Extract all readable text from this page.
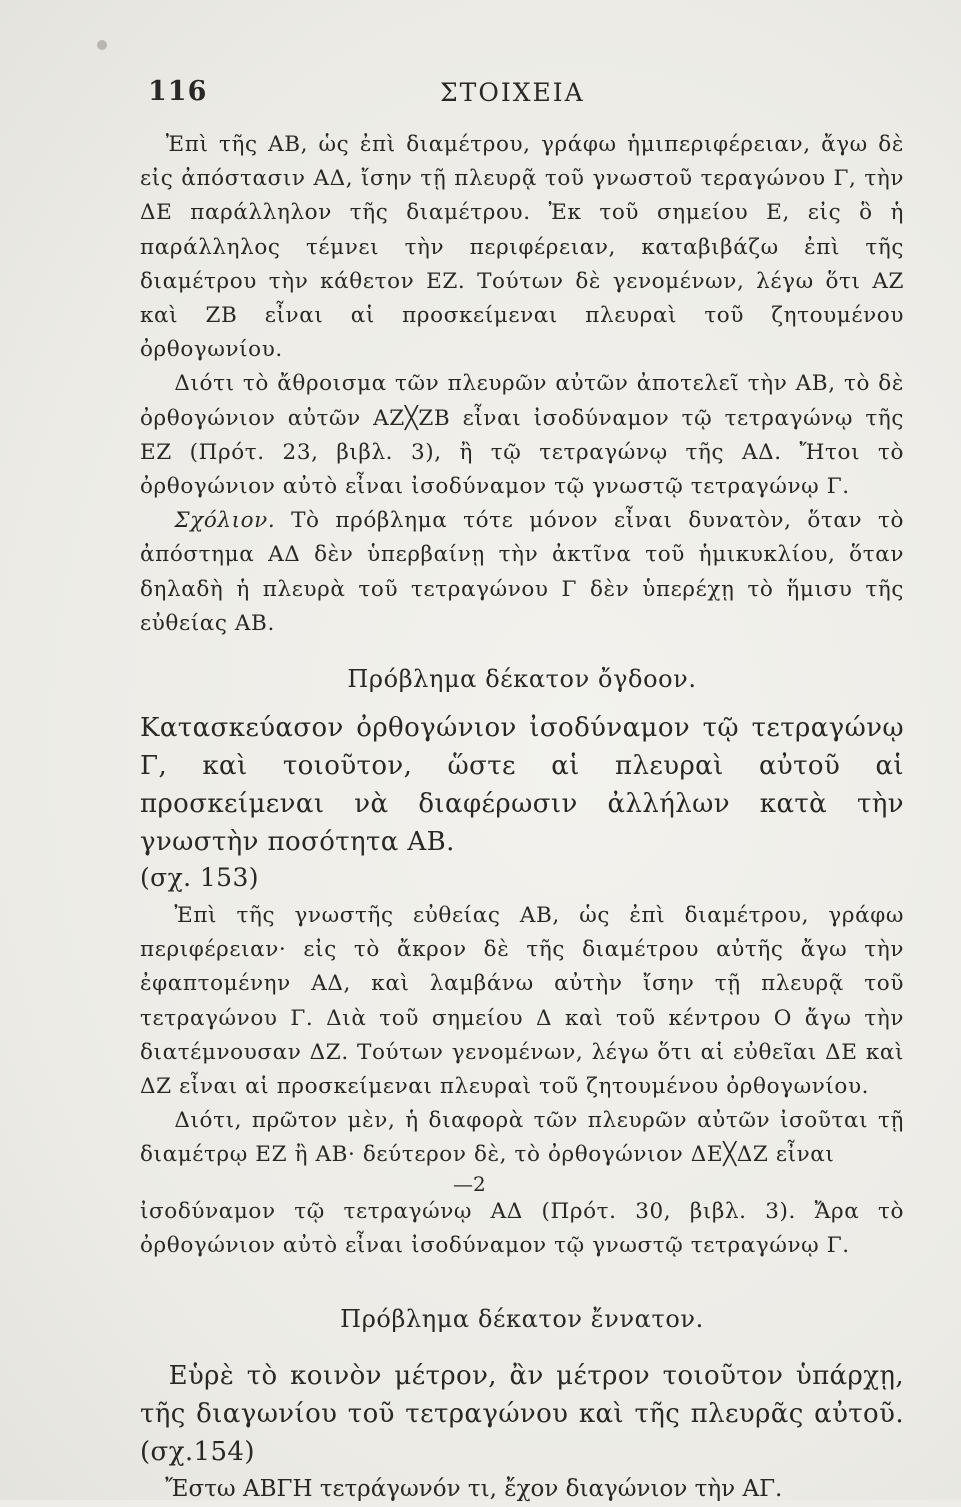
116	ΣΤΟΙΧΕΙΑ

Ἐπὶ τῆς ΑΒ, ὡς ἐπὶ διαμέτρου, γράφω ἡμιπεριφέρειαν, ἄγω δὲ εἰς ἀπόστασιν ΑΔ, ἴσην τῇ πλευρᾷ τοῦ γνωστοῦ τεραγώνου Γ, τὴν ΔΕ παράλληλον τῆς διαμέτρου. Ἐκ τοῦ σημείου Ε, εἰς ὃ ἡ παράλληλος τέμνει τὴν περιφέρειαν, καταβιβάζω ἐπὶ τῆς διαμέτρου τὴν κάθετον ΕΖ. Τούτων δὲ γενομένων, λέγω ὅτι ΑΖ καὶ ΖΒ εἶναι αἱ προσκείμεναι πλευραὶ τοῦ ζητουμένου ὀρθογωνίου.

Διότι τὸ ἄθροισμα τῶν πλευρῶν αὐτῶν ἀποτελεῖ τὴν ΑΒ, τὸ δὲ ὀρθογώνιον αὐτῶν ΑΖ╳ΖΒ εἶναι ἰσοδύναμον τῷ τετραγώνῳ τῆς ΕΖ (Πρότ. 23, βιβλ. 3), ἢ τῷ τετραγώνῳ τῆς ΑΔ. Ἤτοι τὸ ὀρθογώνιον αὐτὸ εἶναι ἰσοδύναμον τῷ γνωστῷ τετραγώνῳ Γ.

Σχόλιον. Τὸ πρόβλημα τότε μόνον εἶναι δυνατὸν, ὅταν τὸ ἀπόστημα ΑΔ δὲν ὑπερβαίνῃ τὴν ἀκτῖνα τοῦ ἡμικυκλίου, ὅταν δηλαδὴ ἡ πλευρὰ τοῦ τετραγώνου Γ δὲν ὑπερέχῃ τὸ ἥμισυ τῆς εὐθείας ΑΒ.

Πρόβλημα δέκατον ὄγδοον.

Κατασκεύασον ὀρθογώνιον ἰσοδύναμον τῷ τετραγώνῳ Γ, καὶ τοιοῦτον, ὥστε αἱ πλευραὶ αὐτοῦ αἱ προσκείμεναι νὰ διαφέρωσιν ἀλλήλων κατὰ τὴν γνωστὴν ποσότητα ΑΒ.

(σχ. 153)

Ἐπὶ τῆς γνωστῆς εὐθείας ΑΒ, ὡς ἐπὶ διαμέτρου, γράφω περιφέρειαν· εἰς τὸ ἄκρον δὲ τῆς διαμέτρου αὐτῆς ἄγω τὴν ἐφαπτομένην ΑΔ, καὶ λαμβάνω αὐτὴν ἴσην τῇ πλευρᾷ τοῦ τετραγώνου Γ. Διὰ τοῦ σημείου Δ καὶ τοῦ κέντρου Ο ἄγω τὴν διατέμνουσαν ΔΖ. Τούτων γενομένων, λέγω ὅτι αἱ εὐθεῖαι ΔΕ καὶ ΔΖ εἶναι αἱ προσκείμεναι πλευραὶ τοῦ ζητουμένου ὀρθογωνίου.

Διότι, πρῶτον μὲν, ἡ διαφορὰ τῶν πλευρῶν αὐτῶν ἰσοῦται τῇ διαμέτρῳ ΕΖ ἢ ΑΒ· δεύτερον δὲ, τὸ ὀρθογώνιον ΔΕ╳ΔΖ εἶναι

—2

ἰσοδύναμον τῷ τετραγώνῳ ΑΔ (Πρότ. 30, βιβλ. 3). Ἄρα τὸ ὀρθογώνιον αὐτὸ εἶναι ἰσοδύναμον τῷ γνωστῷ τετραγώνῳ Γ.

Πρόβλημα δέκατον ἔννατον.

Εὑρὲ τὸ κοινὸν μέτρον, ἂν μέτρον τοιοῦτον ὑπάρχῃ, τῆς διαγωνίου τοῦ τετραγώνου καὶ τῆς πλευρᾶς αὐτοῦ.(σχ.154)

Ἔστω ΑΒΓΗ τετράγωνόν τι, ἔχον διαγώνιον τὴν ΑΓ.
